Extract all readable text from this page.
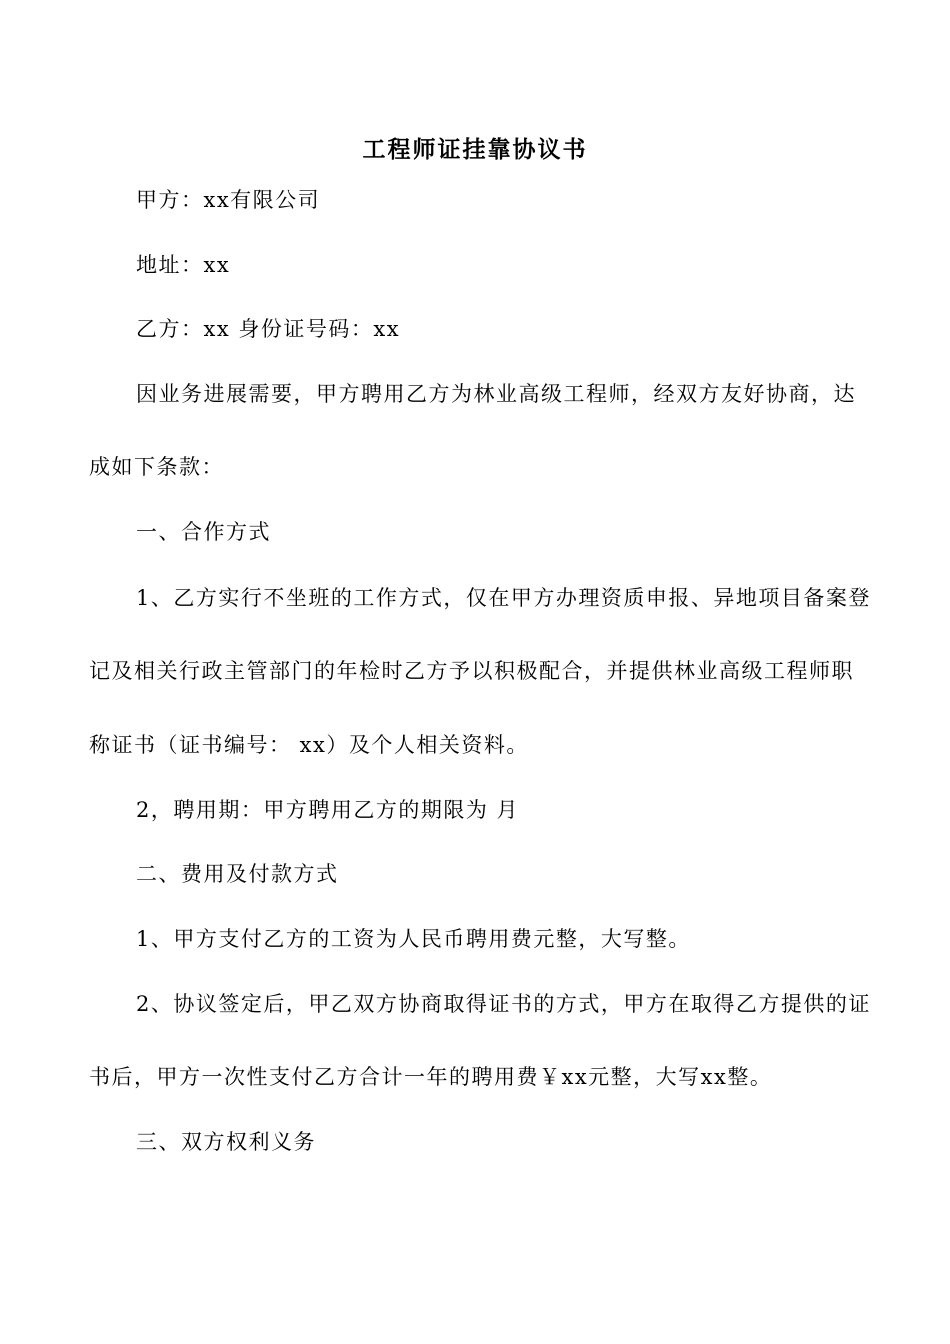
工程师证挂靠协议书
甲方：xx有限公司
地址：xx
乙方：xx 身份证号码：xx
因业务进展需要，甲方聘用乙方为林业高级工程师，经双方友好协商，达
成如下条款：
一、合作方式
1、乙方实行不坐班的工作方式，仅在甲方办理资质申报、异地项目备案登
记及相关行政主管部门的年检时乙方予以积极配合，并提供林业高级工程师职
称证书（证书编号： xx）及个人相关资料。
2，聘用期：甲方聘用乙方的期限为 月
二、费用及付款方式
1、甲方支付乙方的工资为人民币聘用费元整，大写整。
2、协议签定后，甲乙双方协商取得证书的方式，甲方在取得乙方提供的证
书后，甲方一次性支付乙方合计一年的聘用费￥xx元整，大写xx整。
三、双方权利义务
